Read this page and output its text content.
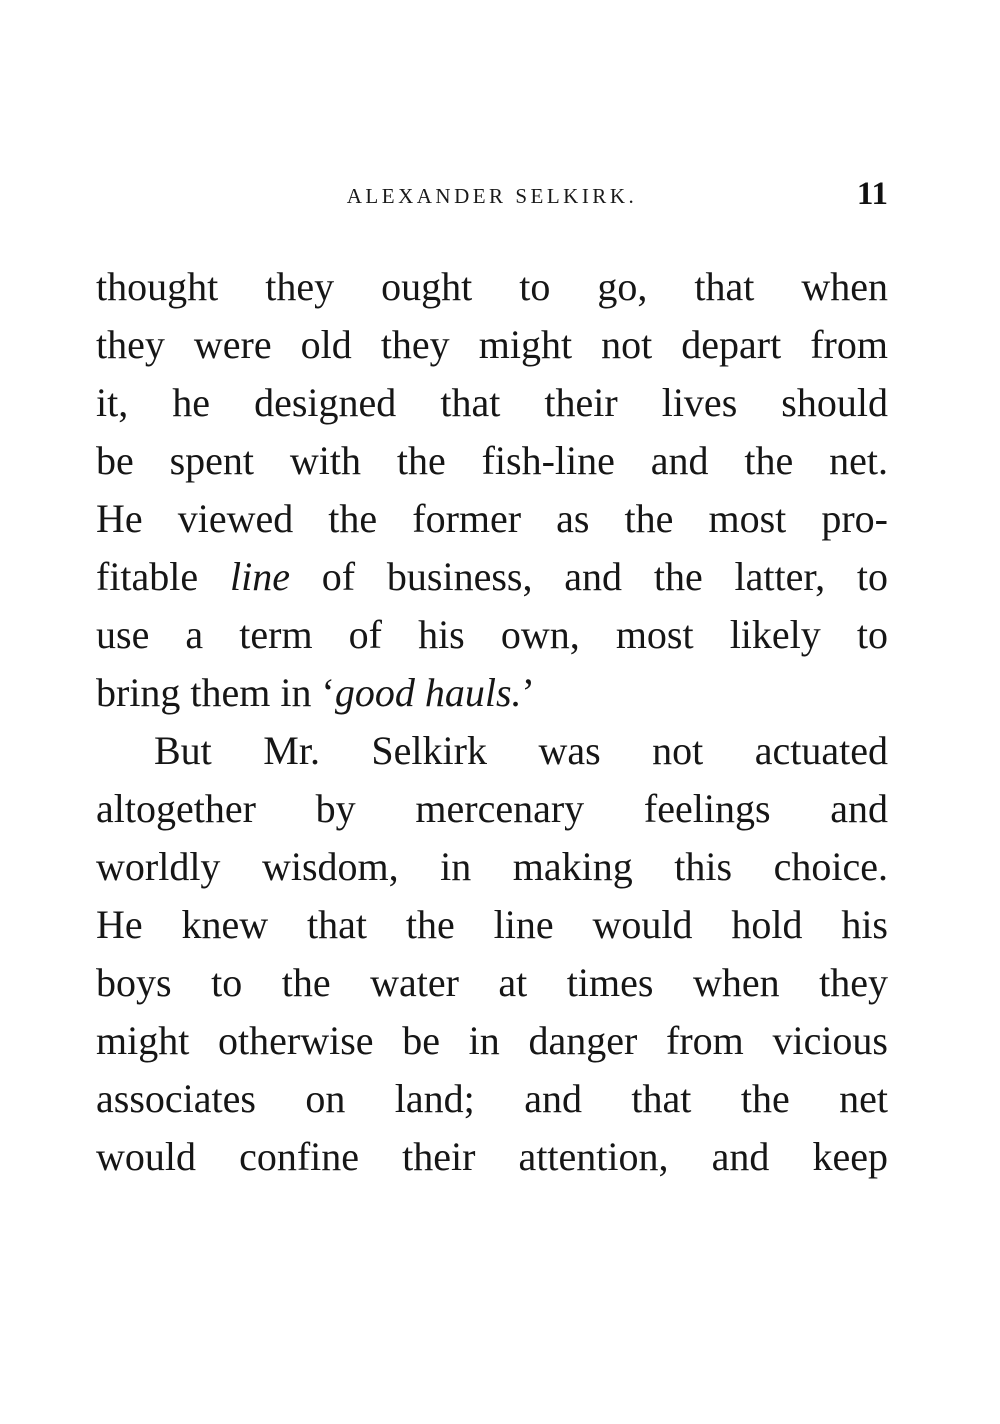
ALEXANDER SELKIRK.	11
thought they ought to go, that when
they were old they might not depart from
it, he designed that their lives should
be spent with the fish-line and the net.
He viewed the former as the most pro-
fitable line of business, and the latter, to
use a term of his own, most likely to
bring them in ‘good hauls.’
But Mr. Selkirk was not actuated
altogether by mercenary feelings and
worldly wisdom, in making this choice.
He knew that the line would hold his
boys to the water at times when they
might otherwise be in danger from vicious
associates on land; and that the net
would confine their attention, and keep
